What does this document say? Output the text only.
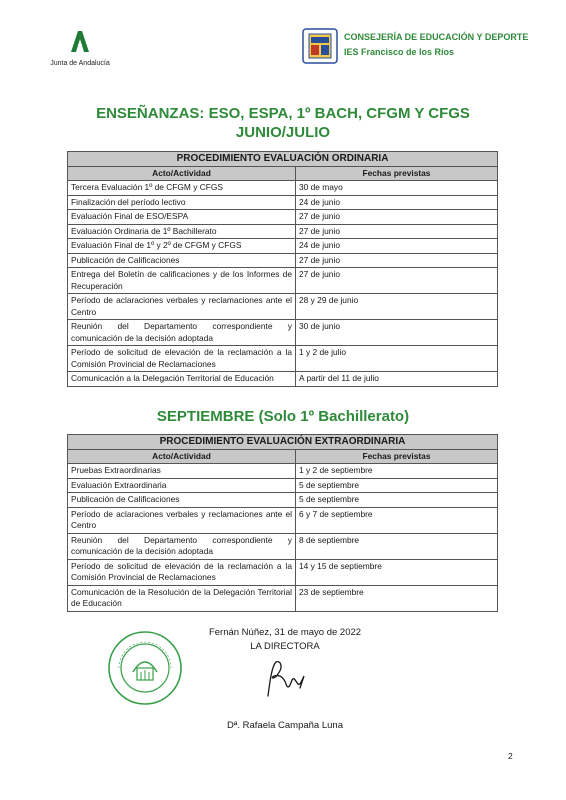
Junta de Andalucía
CONSEJERÍA DE EDUCACIÓN Y DEPORTE
IES Francisco de los Ríos
ENSEÑANZAS: ESO, ESPA, 1º BACH, CFGM Y CFGS
JUNIO/JULIO
PROCEDIMIENTO EVALUACIÓN ORDINARIA	
Acto/Actividad	Fechas previstas
Tercera Evaluación 1º de CFGM y CFGS	30 de mayo
Finalización del período lectivo	24 de junio
Evaluación Final de ESO/ESPA	27 de junio
Evaluación Ordinaria de 1º Bachillerato	27 de junio
Evaluación Final de 1º y 2º de CFGM y CFGS	24 de junio
Publicación de Calificaciones	27 de junio
Entrega del Boletín de calificaciones y de los Informes de Recuperación	27 de junio
Período de aclaraciones verbales y reclamaciones ante el Centro	28 y 29 de junio
Reunión del Departamento correspondiente y comunicación de la decisión adoptada	30 de junio
Período de solicitud de elevación de la reclamación a la Comisión Provincial de Reclamaciones	1 y 2 de julio
Comunicación a la Delegación Territorial de Educación	A partir del 11 de julio
SEPTIEMBRE (Solo 1º Bachillerato)
PROCEDIMIENTO EVALUACIÓN EXTRAORDINARIA	
Acto/Actividad	Fechas previstas
Pruebas Extraordinarias	1 y 2 de septiembre
Evaluación Extraordinaria	5 de septiembre
Publicación de Calificaciones	5 de septiembre
Período de aclaraciones verbales y reclamaciones ante el Centro	6 y 7 de septiembre
Reunión del Departamento correspondiente y comunicación de la decisión adoptada	8 de septiembre
Período de solicitud de elevación de la reclamación a la Comisión Provincial de Reclamaciones	14 y 15 de septiembre
Comunicación de la Resolución de la Delegación Territorial de Educación	23 de septiembre
Fernán Núñez, 31 de mayo de 2022
LA DIRECTORA
Dª. Rafaela Campaña Luna
2
